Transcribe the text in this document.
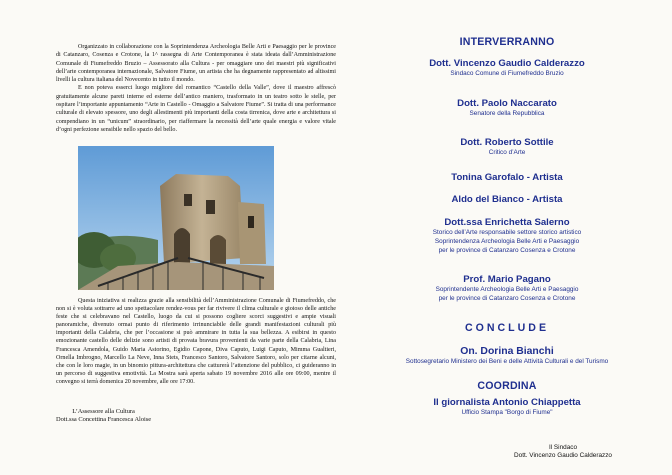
Organizzato in collaborazione con la Soprintendenza Archeologia Belle Arti e Paesaggio per le province di Catanzaro, Cosenza e Crotone, la 1^ rassegna di Arte Contemporanea è stata ideata dall’Amministrazione Comunale di Fiumefreddo Bruzio – Assessorato alla Cultura - per omaggiare uno dei maestri più significativi dell’arte contemporanea internazionale, Salvatore Fiume, un artista che ha degnamente rappresentato ad altissimi livelli la cultura italiana del Novecento in tutto il mondo.

E non poteva esserci luogo migliore del romantico “Castello della Valle”, dove il maestro affrescò gratuitamente alcune pareti interne ed esterne dell’antico maniero, trasformato in un teatro sotto le stelle, per ospitare l’importante appuntamento “Arte in Castello - Omaggio a Salvatore Fiume”. Si tratta di una performance culturale di elevato spessore, uno degli allestimenti più importanti della costa tirrenica, dove arte e architettura si compendiano in un “unicum” straordinario, per riaffermare la necessità dell’arte quale energia e valore vitale d’ogni perfezione sensibile nello spazio del bello.

Questa iniziativa si realizza grazie alla sensibilità dell’Amministrazione Comunale di Fiumefreddo, che non si è voluta sottrarre ad uno spettacolare rendez-vous per far rivivere il clima culturale e gioioso delle antiche feste che si celebravano nel Castello, luogo da cui si possono cogliere scorci suggestivi e ampie visuali panoramiche, divenuto ormai punto di riferimento irrinunciabile delle grandi manifestazioni culturali più importanti della Calabria, che per l’occasione si può ammirare in tutta la sua bellezza. A esibirsi in questo emozionante castello delle delizie sono artisti di provata bravura provenienti da varie parte della Calabria, Lina Francesca Amendola, Guido Maria Astorino, Egidio Capone, Diva Caputo, Luigi Caputo, Mimma Gualtieri, Ornella Imbrogno, Marcello La Neve, Inna Stets, Francesco Santoro, Salvatore Santoro, solo per citarne alcuni, che con le loro magie, in un binomio pittura-architettura che catturerà l’attenzione del pubblico, ci guideranno in un percorso di suggestiva emotività. La Mostra sarà aperta sabato 19 novembre 2016 alle ore 09:00, mentre il convegno si terrà domenica 20 novembre, alle ore 17:00.

L’Assessore alla Cultura
Dott.ssa Concettina Francesca Aloise
Il Sindaco
Dott. Vincenzo Gaudio Calderazzo

INTERVERRANNO

Dott. Vincenzo Gaudio Calderazzo

Sindaco Comune di Fiumefreddo Bruzio

Dott. Paolo Naccarato

Senatore della Repubblica

Dott. Roberto Sottile

Critico d’Arte

Tonina Garofalo - Artista

Aldo del Bianco - Artista

Dott.ssa Enrichetta Salerno

Storico dell’Arte responsabile settore storico artistico

Soprintendenza Archeologia Belle Arti e Paesaggio

per le province di Catanzaro Cosenza e Crotone

Prof. Mario Pagano

Soprintendente Archeologia Belle Arti e Paesaggio

per le province di Catanzaro Cosenza e Crotone

CONCLUDE

On. Dorina Bianchi

Sottosegretario Ministero dei Beni e delle Attività Culturali e del Turismo

COORDINA

Il giornalista Antonio Chiappetta

Ufficio Stampa "Borgo di Fiume"
